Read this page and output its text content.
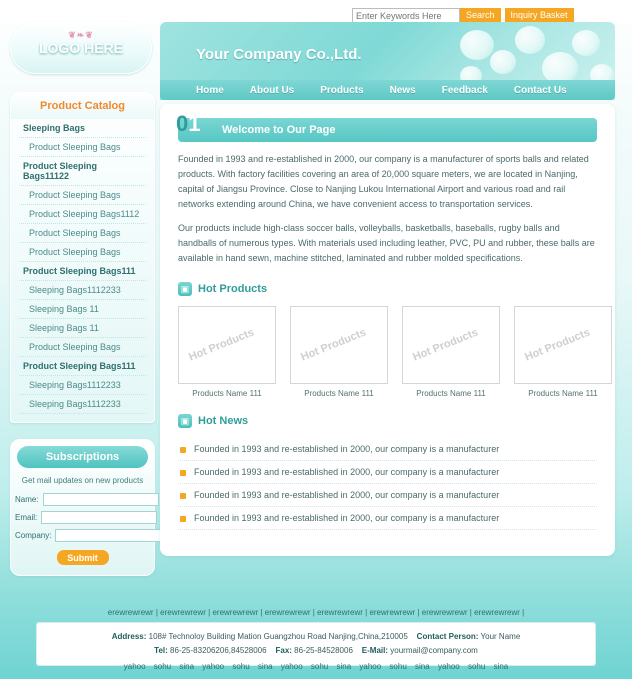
Enter Keywords Here
Search	Inquiry Basket
Your Company Co.,Ltd.
Home	About Us	Products	News	Feedback	Contact Us
❦❧❦
LOGO HERE
Product Catalog
Sleeping Bags
Product Sleeping Bags
Product Sleeping Bags11122
Product Sleeping Bags
Product Sleeping Bags1112
Product Sleeping Bags
Product Sleeping Bags
Product Sleeping Bags111
Sleeping Bags1112233
Sleeping Bags 11
Sleeping Bags 11
Product Sleeping Bags
Product Sleeping Bags111
Sleeping Bags1112233
Sleeping Bags1112233
Subscriptions
Get mail updates on new products
Name:
Email:
Company:
Submit
01 Welcome to Our Page

Founded in 1993 and re-established in 2000, our company is a manufacturer of sports balls and related products. With factory facilities covering an area of 20,000 square meters, we are located in Nanjing, capital of Jiangsu Province. Close to Nanjing Lukou International Airport and various road and rail networks extending around China, we have convenient access to transportation services.

Our products include high-class soccer balls, volleyballs, basketballs, baseballs, rugby balls and handballs of numerous types. With materials used including leather, PVC, PU and rubber, these balls are available in hand sewn, machine stitched, laminated and rubber molded specifications.

▣ Hot Products
Hot Products
Products Name 111
Hot Products
Products Name 111
Hot Products
Products Name 111
Hot Products
Products Name 111
▣ Hot News
Founded in 1993 and re-established in 2000, our company is a manufacturer
Founded in 1993 and re-established in 2000, our company is a manufacturer
Founded in 1993 and re-established in 2000, our company is a manufacturer
Founded in 1993 and re-established in 2000, our company is a manufacturer
erewrewrewr | erewrewrewr | erewrewrewr | erewrewrewr | erewrewrewr | erewrewrewr | erewrewrewr | erewrewrewr |
Address: 108# Technoloy Building Mation Guangzhou Road Nanjing,China,210005 Contact Person: Your Name
Tel: 86-25-83206206,84528006 Fax: 86-25-84528006 E-Mail: yourmail@company.com
yahoo sohu sina yahoo sohu sina yahoo sohu sina yahoo sohu sina yahoo sohu sina
